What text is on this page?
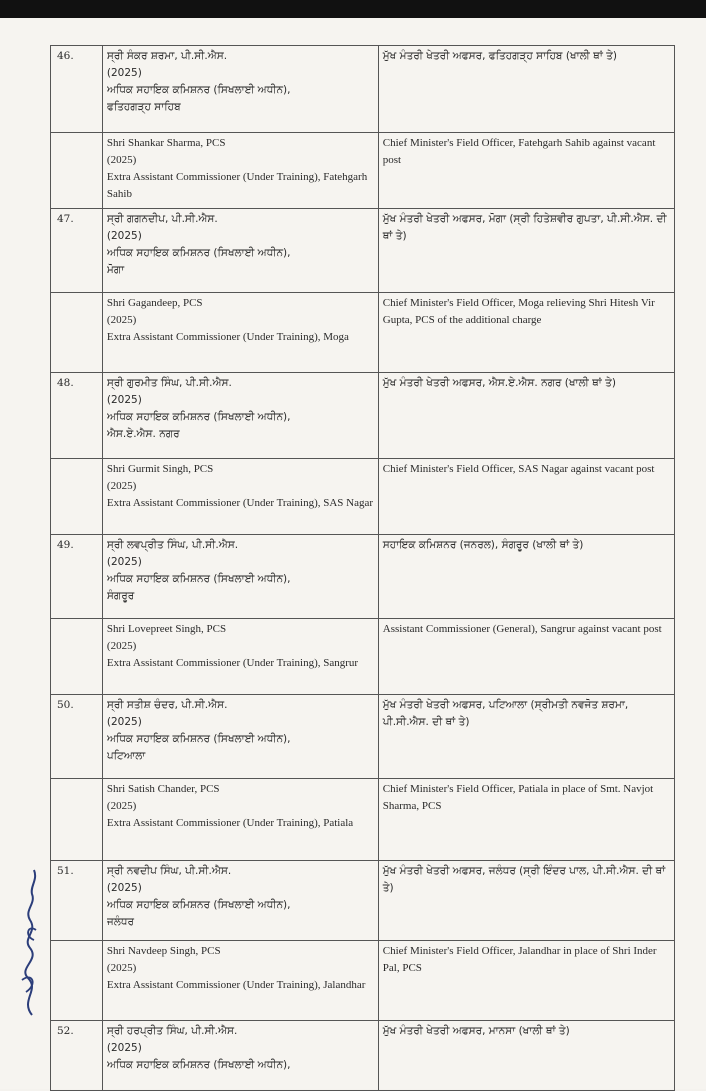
46.	ਸ੍ਰੀ ਸੰਕਰ ਸ਼ਰਮਾ, ਪੀ.ਸੀ.ਐਸ.
(2025)
ਅਧਿਕ ਸਹਾਇਕ ਕਮਿਸ਼ਨਰ (ਸਿਖਲਾਈ ਅਧੀਨ),
ਫਤਿਹਗੜ੍ਹ ਸਾਹਿਬ	ਮੁੱਖ ਮੰਤਰੀ ਖੇਤਰੀ ਅਫਸਰ, ਫਤਿਹਗੜ੍ਹ ਸਾਹਿਬ (ਖਾਲੀ ਥਾਂ ਤੇ)

	Shri Shankar Sharma, PCS
(2025)
Extra Assistant Commissioner (Under Training), Fatehgarh Sahib	Chief Minister's Field Officer, Fatehgarh Sahib against vacant post

47.	ਸ੍ਰੀ ਗਗਨਦੀਪ, ਪੀ.ਸੀ.ਐਸ.
(2025)
ਅਧਿਕ ਸਹਾਇਕ ਕਮਿਸ਼ਨਰ (ਸਿਖਲਾਈ ਅਧੀਨ),
ਮੋਗਾ	ਮੁੱਖ ਮੰਤਰੀ ਖੇਤਰੀ ਅਫਸਰ, ਮੋਗਾ (ਸ੍ਰੀ ਹਿਤੇਸ਼ਵੀਰ ਗੁਪਤਾ, ਪੀ.ਸੀ.ਐਸ. ਦੀ ਥਾਂ ਤੇ)

	Shri Gagandeep, PCS
(2025)
Extra Assistant Commissioner (Under Training), Moga	Chief Minister's Field Officer, Moga relieving Shri Hitesh Vir Gupta, PCS of the additional charge

48.	ਸ੍ਰੀ ਗੁਰਮੀਤ ਸਿੰਘ, ਪੀ.ਸੀ.ਐਸ.
(2025)
ਅਧਿਕ ਸਹਾਇਕ ਕਮਿਸ਼ਨਰ (ਸਿਖਲਾਈ ਅਧੀਨ),
ਐਸ.ਏ.ਐਸ. ਨਗਰ	ਮੁੱਖ ਮੰਤਰੀ ਖੇਤਰੀ ਅਫਸਰ, ਐਸ.ਏ.ਐਸ. ਨਗਰ (ਖਾਲੀ ਥਾਂ ਤੇ)

	Shri Gurmit Singh, PCS
(2025)
Extra Assistant Commissioner (Under Training), SAS Nagar	Chief Minister's Field Officer, SAS Nagar against vacant post

49.	ਸ੍ਰੀ ਲਵਪ੍ਰੀਤ ਸਿੰਘ, ਪੀ.ਸੀ.ਐਸ.
(2025)
ਅਧਿਕ ਸਹਾਇਕ ਕਮਿਸ਼ਨਰ (ਸਿਖਲਾਈ ਅਧੀਨ),
ਸੰਗਰੂਰ	ਸਹਾਇਕ ਕਮਿਸ਼ਨਰ (ਜਨਰਲ), ਸੰਗਰੂਰ (ਖਾਲੀ ਥਾਂ ਤੇ)

	Shri Lovepreet Singh, PCS
(2025)
Extra Assistant Commissioner (Under Training), Sangrur	Assistant Commissioner (General), Sangrur against vacant post

50.	ਸ੍ਰੀ ਸਤੀਸ਼ ਚੰਦਰ, ਪੀ.ਸੀ.ਐਸ.
(2025)
ਅਧਿਕ ਸਹਾਇਕ ਕਮਿਸ਼ਨਰ (ਸਿਖਲਾਈ ਅਧੀਨ),
ਪਟਿਆਲਾ	ਮੁੱਖ ਮੰਤਰੀ ਖੇਤਰੀ ਅਫਸਰ, ਪਟਿਆਲਾ (ਸ੍ਰੀਮਤੀ ਨਵਜੋਤ ਸ਼ਰਮਾ, ਪੀ.ਸੀ.ਐਸ. ਦੀ ਥਾਂ ਤੇ)

	Shri Satish Chander, PCS
(2025)
Extra Assistant Commissioner (Under Training), Patiala	Chief Minister's Field Officer, Patiala in place of Smt. Navjot Sharma, PCS

51.	ਸ੍ਰੀ ਨਵਦੀਪ ਸਿੰਘ, ਪੀ.ਸੀ.ਐਸ.
(2025)
ਅਧਿਕ ਸਹਾਇਕ ਕਮਿਸ਼ਨਰ (ਸਿਖਲਾਈ ਅਧੀਨ),
ਜਲੰਧਰ	ਮੁੱਖ ਮੰਤਰੀ ਖੇਤਰੀ ਅਫਸਰ, ਜਲੰਧਰ (ਸ੍ਰੀ ਇੰਦਰ ਪਾਲ, ਪੀ.ਸੀ.ਐਸ. ਦੀ ਥਾਂ ਤੇ)

	Shri Navdeep Singh, PCS
(2025)
Extra Assistant Commissioner (Under Training), Jalandhar	Chief Minister's Field Officer, Jalandhar in place of Shri Inder Pal, PCS

52.	ਸ੍ਰੀ ਹਰਪ੍ਰੀਤ ਸਿੰਘ, ਪੀ.ਸੀ.ਐਸ.
(2025)
ਅਧਿਕ ਸਹਾਇਕ ਕਮਿਸ਼ਨਰ (ਸਿਖਲਾਈ ਅਧੀਨ),	ਮੁੱਖ ਮੰਤਰੀ ਖੇਤਰੀ ਅਫਸਰ, ਮਾਨਸਾ (ਖਾਲੀ ਥਾਂ ਤੇ)
